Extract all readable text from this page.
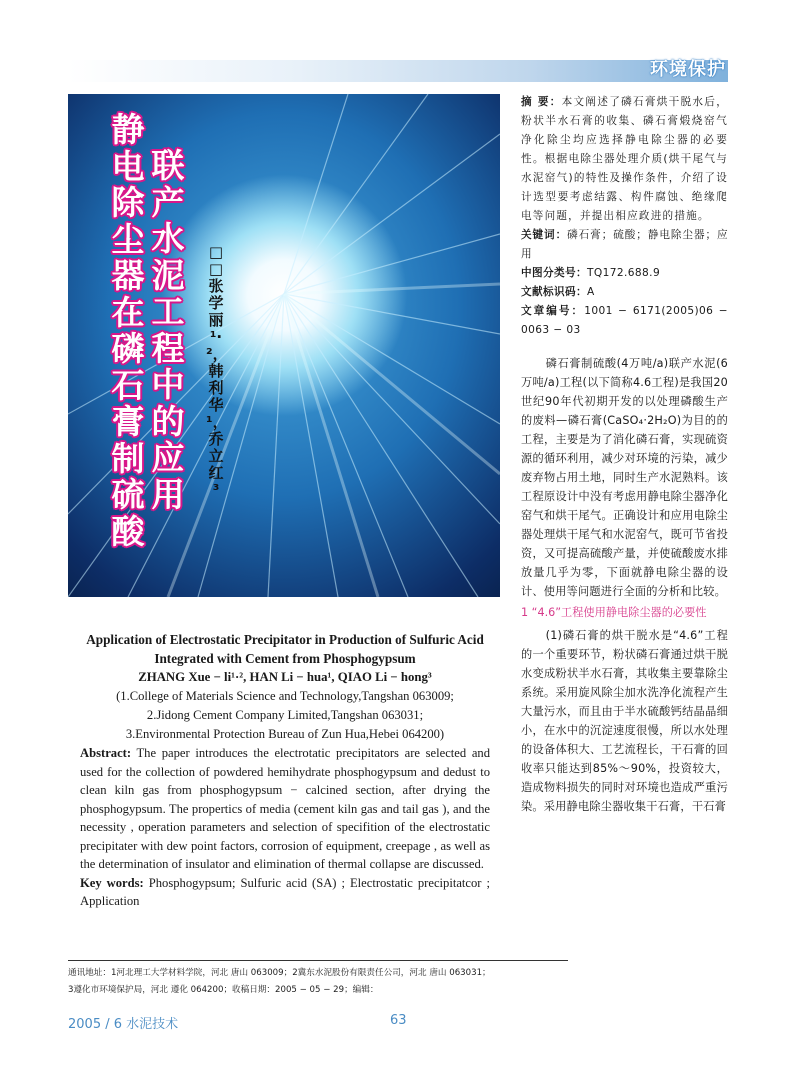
环境保护
静电除尘器在磷石膏制硫酸
联产水泥工程中的应用
□□张学丽¹·²，韩利华¹，乔立红³
Application of Electrostatic Precipitator in Production of Sulfuric Acid Integrated with Cement from Phosphogypsum
ZHANG Xue − li¹·², HAN Li − hua¹, QIAO Li − hong³
(1.College of Materials Science and Technology,Tangshan 063009;
2.Jidong Cement Company Limited,Tangshan 063031;
3.Environmental Protection Bureau of Zun Hua,Hebei 064200)

Abstract: The paper introduces the electrotatic precipitators are selected and used for the collection of powdered hemihydrate phosphogypsum and dedust to clean kiln gas from phosphogypsum − calcined section, after drying the phosphogypsum. The propertics of media (cement kiln gas and tail gas ), and the necessity , operation parameters and selection of specifition of the electrostatic precipitater with dew point factors, corrosion of equipment, creepage , as well as the determination of insulator and elimination of thermal collapse are discussed.

Key words: Phosphogypsum; Sulfuric acid (SA) ; Electrostatic precipitatcor ; Application

摘 要：本文阐述了磷石膏烘干脱水后，粉状半水石膏的收集、磷石膏煅烧窑气净化除尘均应选择静电除尘器的必要性。根据电除尘器处理介质(烘干尾气与水泥窑气)的特性及操作条件，介绍了设计选型要考虑结露、构件腐蚀、绝缘爬电等问题，并提出相应政进的措施。

关键词：磷石膏；硫酸；静电除尘器；应用

中图分类号：TQ172.688.9

文献标识码：A

文章编号：1001 − 6171(2005)06 − 0063 − 03

磷石膏制硫酸(4万吨/a)联产水泥(6万吨/a)工程(以下简称4.6工程)是我国20世纪90年代初期开发的以处理磷酸生产的废料—磷石膏(CaSO₄·2H₂O)为目的的工程，主要是为了消化磷石膏，实现硫资源的循环利用，减少对环境的污染，减少废弃物占用土地，同时生产水泥熟料。该工程原设计中没有考虑用静电除尘器净化窑气和烘干尾气。正确设计和应用电除尘器处理烘干尾气和水泥窑气，既可节省投资，又可提高硫酸产量，并使硫酸废水排放量几乎为零，下面就静电除尘器的设计、使用等问题进行全面的分析和比较。

1 “4.6”工程使用静电除尘器的必要性

(1)磷石膏的烘干脱水是“4.6”工程的一个重要环节，粉状磷石膏通过烘干脱水变成粉状半水石膏，其收集主要靠除尘系统。采用旋风除尘加水洗净化流程产生大量污水，而且由于半水硫酸钙结晶晶细小，在水中的沉淀速度很慢，所以水处理的设备体积大、工艺流程长，干石膏的回收率只能达到85%～90%，投资较大，造成物料损失的同时对环境也造成严重污染。采用静电除尘器收集干石膏，干石膏

通讯地址：1河北理工大学材料学院，河北 唐山 063009；2冀东水泥股份有限责任公司，河北 唐山 063031；
3遵化市环境保护局，河北 遵化 064200；收稿日期：2005 − 05 − 29；编辑：
2005 / 6 水泥技术	63
